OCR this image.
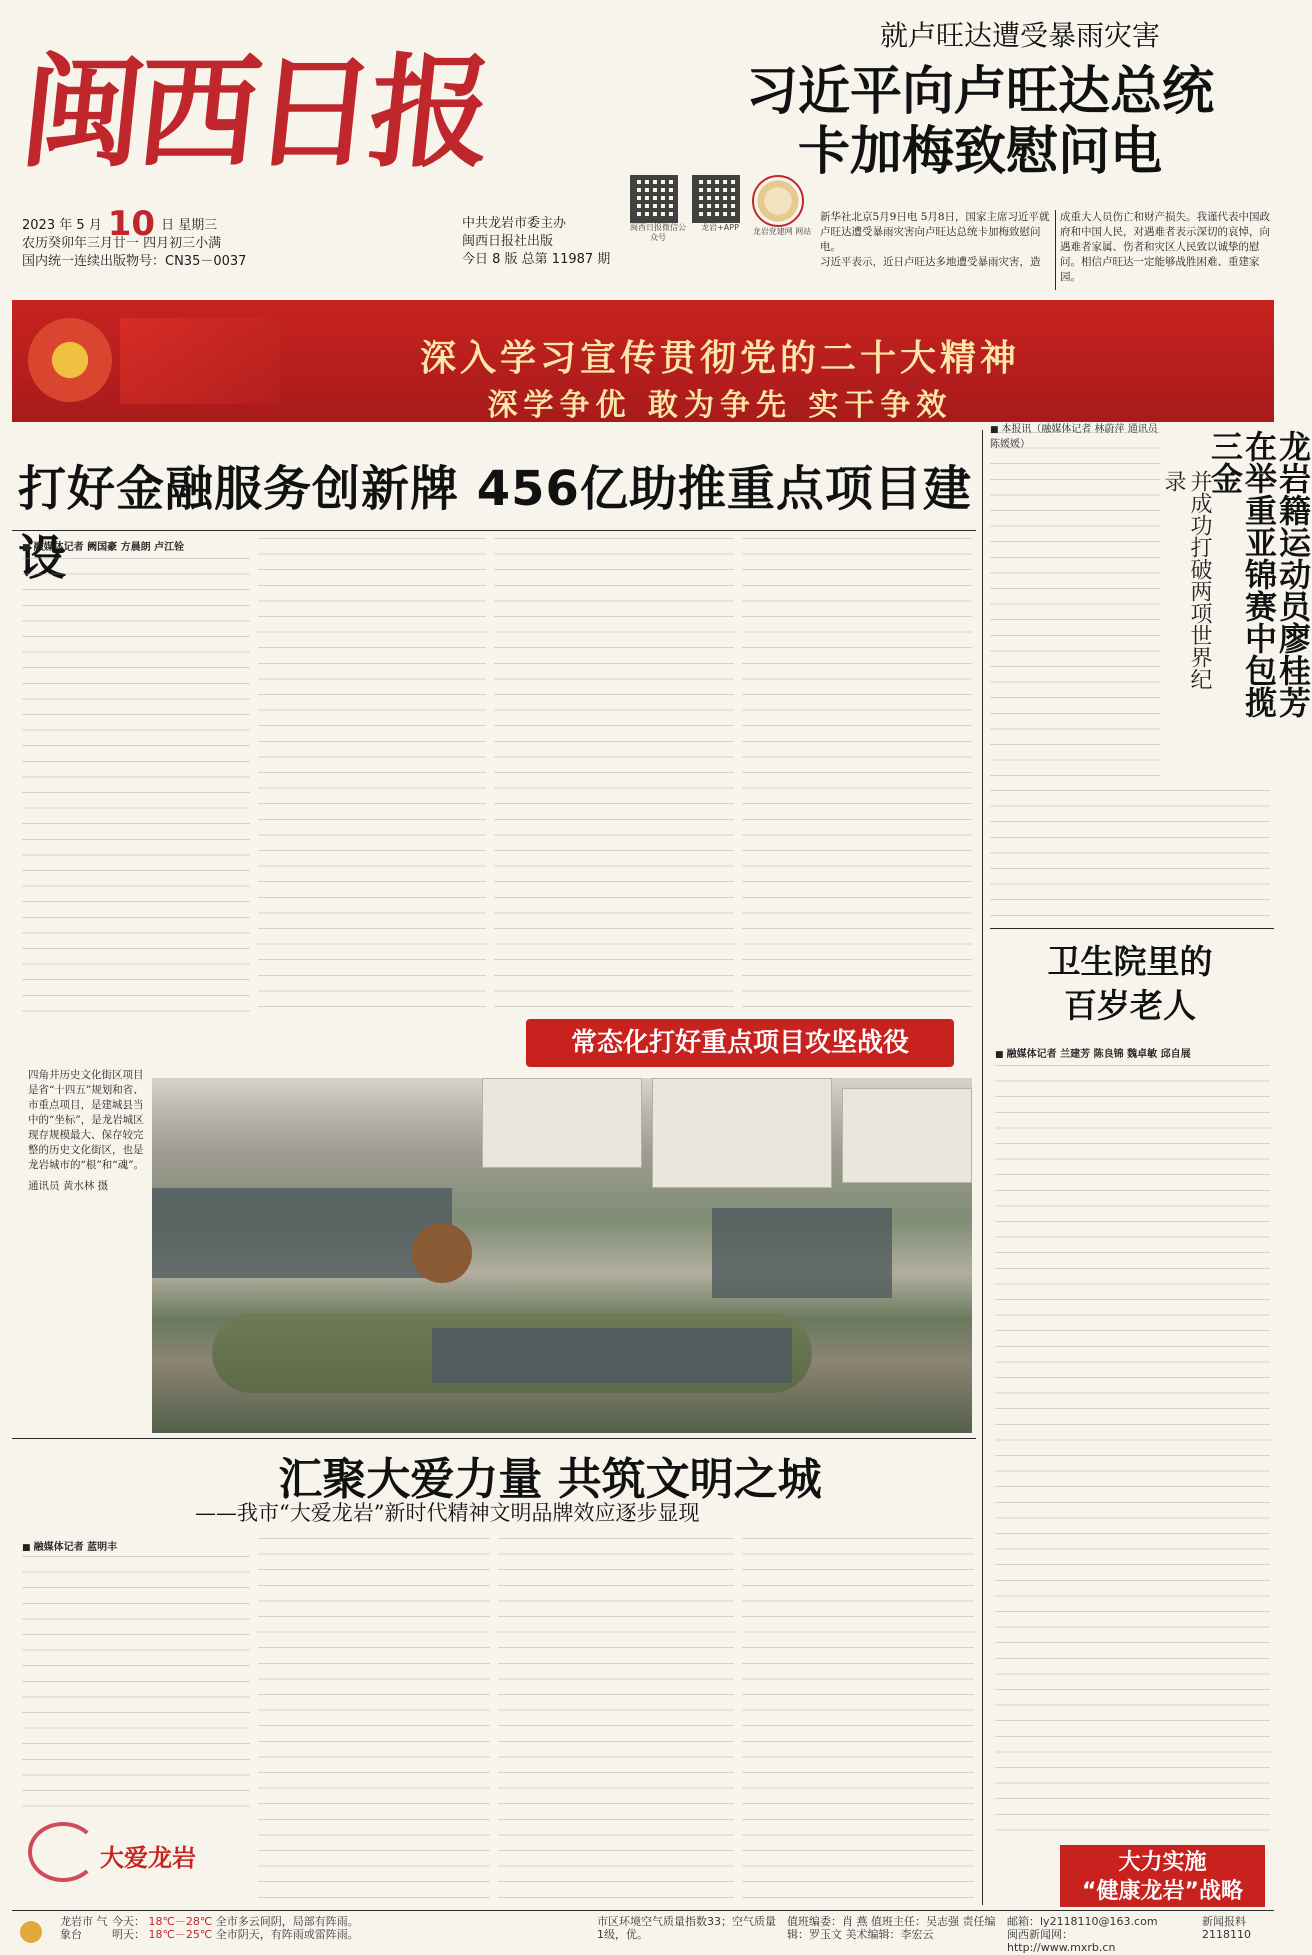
闽西日报
2023 年 5 月 10 日 星期三
农历癸卯年三月廿一 四月初三小满
国内统一连续出版物号：CN35－0037
中共龙岩市委主办
闽西日报社出版
今日 8 版 总第 11987 期
闽西日报微信公众号
龙岩+APP	龙岩党建网 网站
就卢旺达遭受暴雨灾害
习近平向卢旺达总统
卡加梅致慰问电
新华社北京5月9日电 5月8日，国家主席习近平就卢旺达遭受暴雨灾害向卢旺达总统卡加梅致慰问电。
习近平表示，近日卢旺达多地遭受暴雨灾害，造
成重大人员伤亡和财产损失。我谨代表中国政府和中国人民，对遇难者表示深切的哀悼，向遇难者家属、伤者和灾区人民致以诚挚的慰问。相信卢旺达一定能够战胜困难、重建家园。
深入学习宣传贯彻党的二十大精神
深学争优 敢为争先 实干争效
打好金融服务创新牌 456亿助推重点项目建设
■ 融媒体记者 阙国豪 方晨朗 卢江铨
常态化打好重点项目攻坚战役
四角井历史文化街区项目是省“十四五”规划和省、市重点项目，是建城县当中的“坐标”，是龙岩城区现存规模最大、保存较完整的历史文化街区，也是龙岩城市的“根”和“魂”。
通讯员 黄水林 摄
龙岩籍运动员廖桂芳在举重亚锦赛中包揽三金
并成功打破两项世界纪录
■ 本报讯（融媒体记者 林蔚萍 通讯员 陈媛媛）
卫生院里的
百岁老人
■ 融媒体记者 兰建芳 陈良锦 魏卓敏 邱自展
大力实施
“健康龙岩”战略
汇聚大爱力量 共筑文明之城
——我市“大爱龙岩”新时代精神文明品牌效应逐步显现
■ 融媒体记者 蓝明丰
大爱龙岩
龙岩市 气象台
今天： 18℃－28℃ 全市多云间阴，局部有阵雨。
明天： 18℃－25℃ 全市阴天，有阵雨或雷阵雨。
市区环境空气质量指数33；空气质量1级，优。
值班编委：肖 燕 值班主任：吴志强 责任编辑：罗玉文 美术编辑：李宏云
邮箱：ly2118110@163.com
闽西新闻网：http://www.mxrb.cn
新闻报料
2118110
